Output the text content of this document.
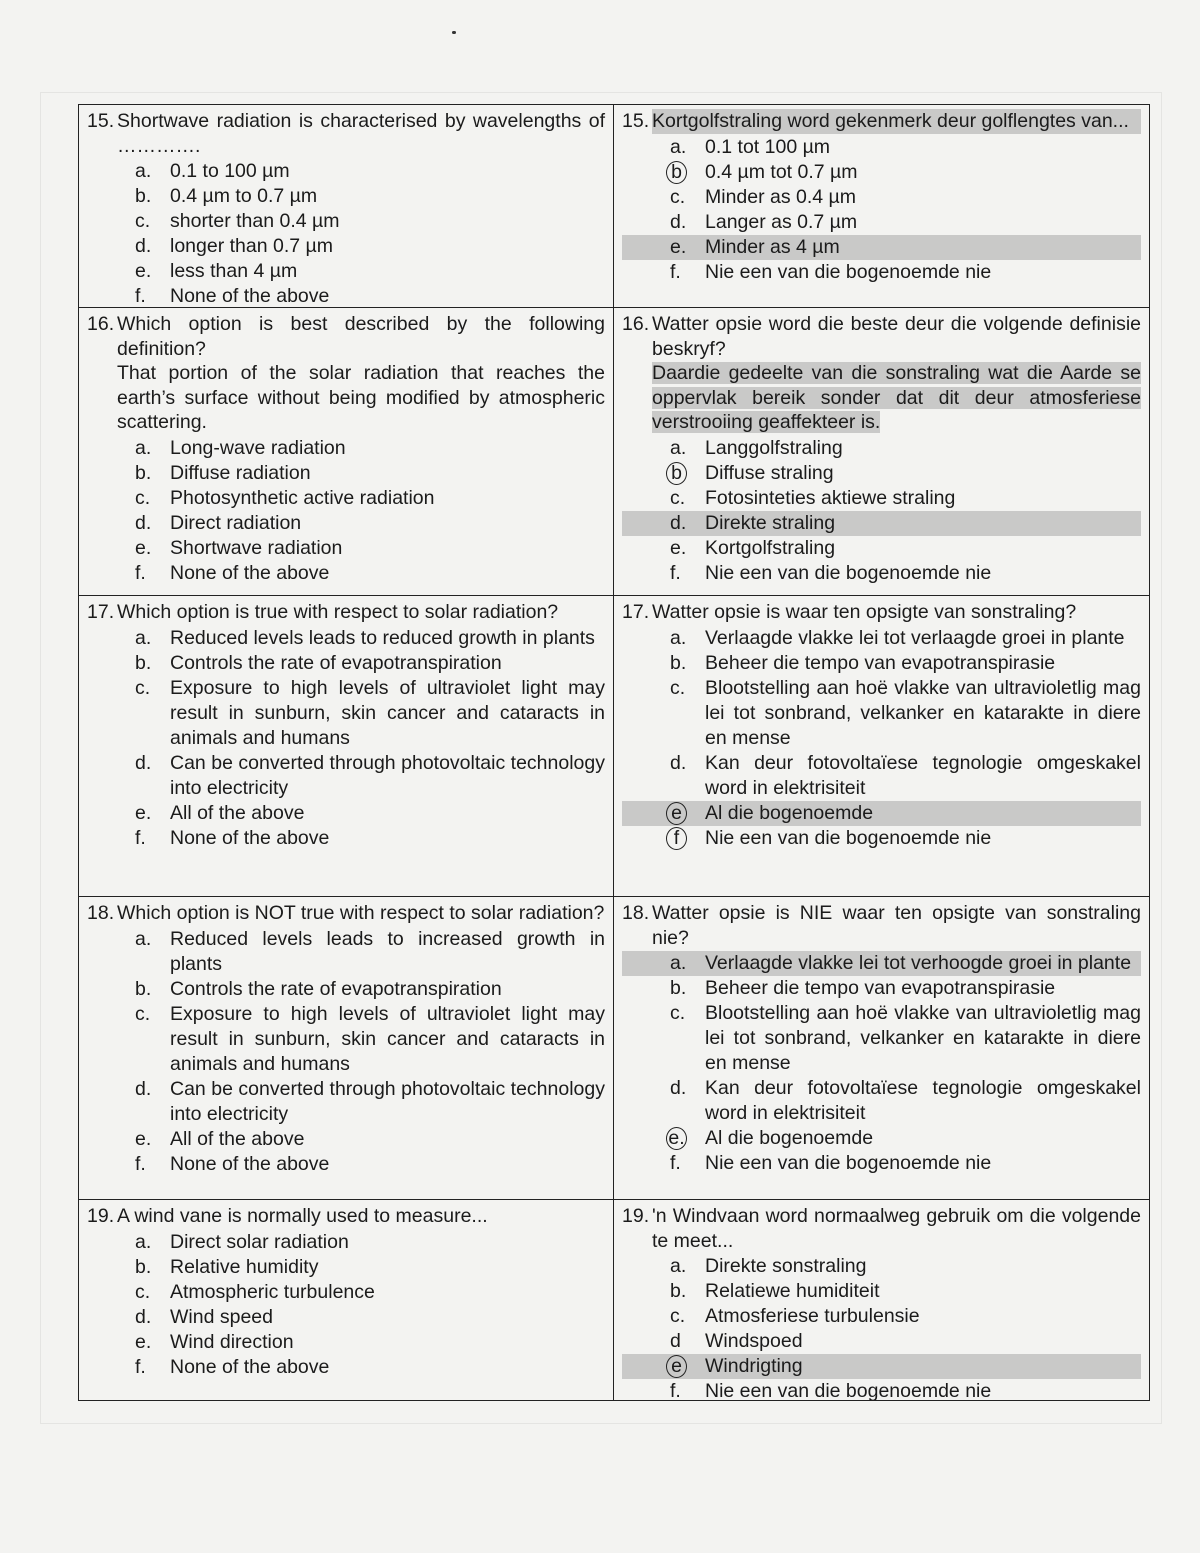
15. Shortwave radiation is characterised by wavelengths of ………….
a. 0.1 to 100 µm
b. 0.4 µm to 0.7 µm
c.	shorter than 0.4 µm
d. longer than 0.7 µm
e. less than 4 µm
f.	None of the above
15. Kortgolfstraling word gekenmerk deur golflengtes van...
a. 0.1 tot 100 µm
b	0.4 µm tot 0.7 µm
c.	Minder as 0.4 µm
d. Langer as 0.7 µm
e. Minder as 4 µm
f.	Nie een van die bogenoemde nie
16. Which option is best described by the following definition?
That portion of the solar radiation that reaches the earth’s surface without being modified by atmospheric scattering.
a. Long-wave radiation
b. Diffuse radiation
c.	Photosynthetic active radiation
d. Direct radiation
e. Shortwave radiation
f.	None of the above
16. Watter opsie word die beste deur die volgende definisie beskryf?
Daardie gedeelte van die sonstraling wat die Aarde se oppervlak bereik sonder dat dit deur atmosferiese verstrooiing geaffekteer is.
a. Langgolfstraling
b	Diffuse straling
c.	Fotosinteties aktiewe straling
d. Direkte straling
e. Kortgolfstraling
f.	Nie een van die bogenoemde nie
17. Which option is true with respect to solar radiation?
a. Reduced levels leads to reduced growth in plants
b. Controls the rate of evapotranspiration
c.	Exposure to high levels of ultraviolet light may result in sunburn, skin cancer and cataracts in animals and humans
d. Can be converted through photovoltaic technology into electricity
e. All of the above
f.	None of the above
17. Watter opsie is waar ten opsigte van sonstraling?
a. Verlaagde vlakke lei tot verlaagde groei in plante
b. Beheer die tempo van evapotranspirasie
c.	Blootstelling aan hoë vlakke van ultravioletlig mag lei tot sonbrand, velkanker en katarakte in diere en mense
d. Kan deur fotovoltaïese tegnologie omgeskakel word in elektrisiteit
e	Al die bogenoemde
f	Nie een van die bogenoemde nie
18. Which option is NOT true with respect to solar radiation?
a. Reduced levels leads to increased growth in plants
b. Controls the rate of evapotranspiration
c.	Exposure to high levels of ultraviolet light may result in sunburn, skin cancer and cataracts in animals and humans
d. Can be converted through photovoltaic technology into electricity
e. All of the above
f.	None of the above
18. Watter opsie is NIE waar ten opsigte van sonstraling nie?
a. Verlaagde vlakke lei tot verhoogde groei in plante
b. Beheer die tempo van evapotranspirasie
c.	Blootstelling aan hoë vlakke van ultravioletlig mag lei tot sonbrand, velkanker en katarakte in diere en mense
d. Kan deur fotovoltaïese tegnologie omgeskakel word in elektrisiteit
e.	Al die bogenoemde
f.	Nie een van die bogenoemde nie
19. A wind vane is normally used to measure...
a. Direct solar radiation
b. Relative humidity
c.	Atmospheric turbulence
d. Wind speed
e. Wind direction
f.	None of the above
19. 'n Windvaan word normaalweg gebruik om die volgende te meet...
a. Direkte sonstraling
b. Relatiewe humiditeit
c.	Atmosferiese turbulensie
d	Windspoed
e	Windrigting
f.	Nie een van die bogenoemde nie
